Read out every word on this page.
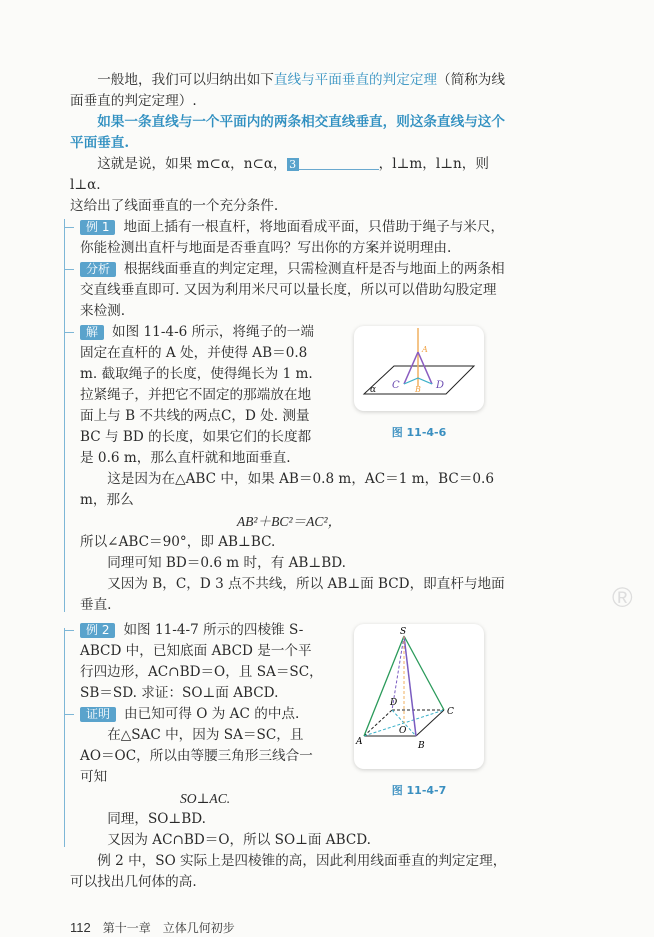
®

一般地，我们可以归纳出如下直线与平面垂直的判定定理（简称为线面垂直的判定定理）.

如果一条直线与一个平面内的两条相交直线垂直，则这条直线与这个平面垂直.

这就是说，如果 m⊂α，n⊂α， 3	，l⊥m，l⊥n，则 l⊥α.

这给出了线面垂直的一个充分条件.

例 1 地面上插有一根直杆，将地面看成平面，只借助于绳子与米尺，你能检测出直杆与地面是否垂直吗？写出你的方案并说明理由.

分析 根据线面垂直的判定定理，只需检测直杆是否与地面上的两条相交直线垂直即可. 又因为利用米尺可以量长度，所以可以借助勾股定理来检测.

A
B
C	D
α
图 11-4-6

解 如图 11-4-6 所示，将绳子的一端固定在直杆的 A 处，并使得 AB＝0.8 m. 截取绳子的长度，使得绳长为 1 m. 拉紧绳子，并把它不固定的那端放在地面上与 B 不共线的两点C，D 处. 测量 BC 与 BD 的长度，如果它们的长度都是 0.6 m，那么直杆就和地面垂直.

这是因为在△ABC 中，如果 AB＝0.8 m，AC＝1 m，BC＝0.6 m，那么

AB²＋BC²＝AC²，

所以∠ABC＝90°，即 AB⊥BC.

同理可知 BD＝0.6 m 时，有 AB⊥BD.

又因为 B，C，D 3 点不共线，所以 AB⊥面 BCD，即直杆与地面垂直.

S
A	B
C
D
O
图 11-4-7

例 2 如图 11-4-7 所示的四棱锥 S-ABCD 中，已知底面 ABCD 是一个平行四边形，AC∩BD＝O，且 SA＝SC，SB＝SD. 求证：SO⊥面 ABCD.

证明 由已知可得 O 为 AC 的中点.

在△SAC 中，因为 SA＝SC，且 AO＝OC，所以由等腰三角形三线合一可知

SO⊥AC.

同理，SO⊥BD.

又因为 AC∩BD＝O，所以 SO⊥面 ABCD.

例 2 中，SO 实际上是四棱锥的高，因此利用线面垂直的判定定理，可以找出几何体的高.

112 第十一章　立体几何初步
